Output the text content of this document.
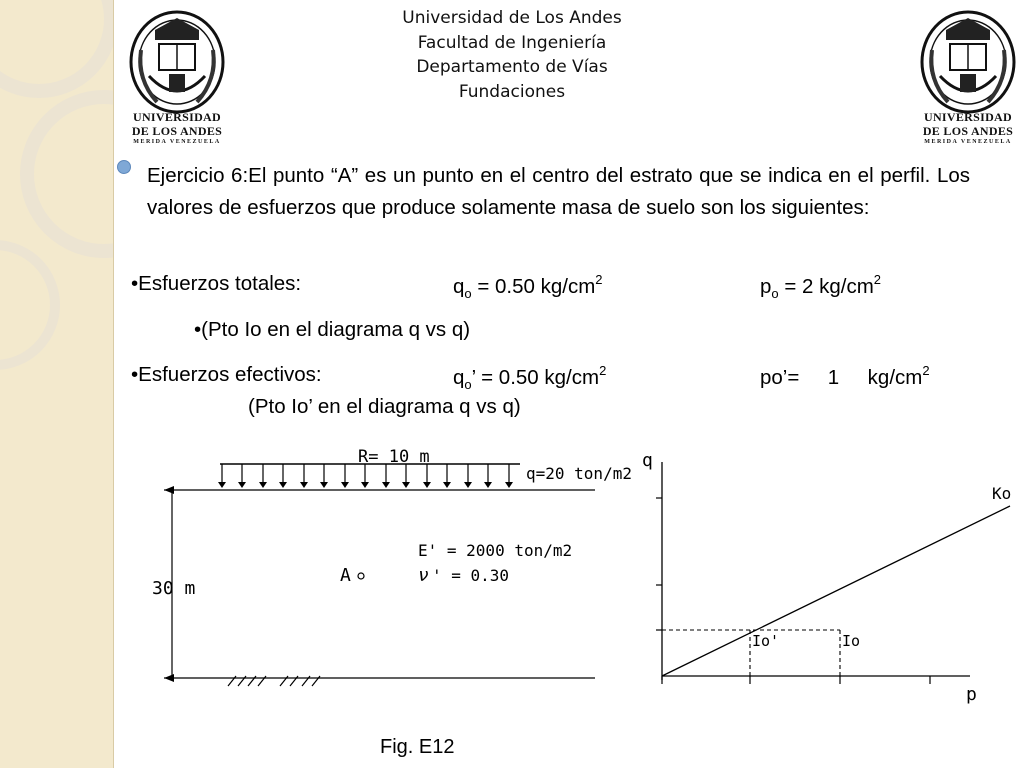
UNIVERSIDAD
DE LOS ANDES
MERIDA VENEZUELA
UNIVERSIDAD
DE LOS ANDES
MERIDA VENEZUELA
Universidad de Los Andes
Facultad de Ingeniería
Departamento de Vías
Fundaciones
Ejercicio 6:El punto “A” es un punto en el centro del estrato que se indica en el perfil. Los valores de esfuerzos que produce solamente masa de suelo son los siguientes:
•Esfuerzos totales:	$q_o = 0.50$ $kg/cm^2$	$p_o = 2$ $kg/cm^2$
•(Pto Io en el diagrama q vs q)
•Esfuerzos efectivos:	$q_o$’ = 0.50 $kg/cm^2$	po’=     1     $kg/cm^2$
(Pto Io’ en el diagrama q vs q)
R= 10 m
q=20 ton/m2
30 m
A
E' = 2000 ton/m2
ν ' = 0.30
q
p
Ko
Io'	Io
Fig. E12
